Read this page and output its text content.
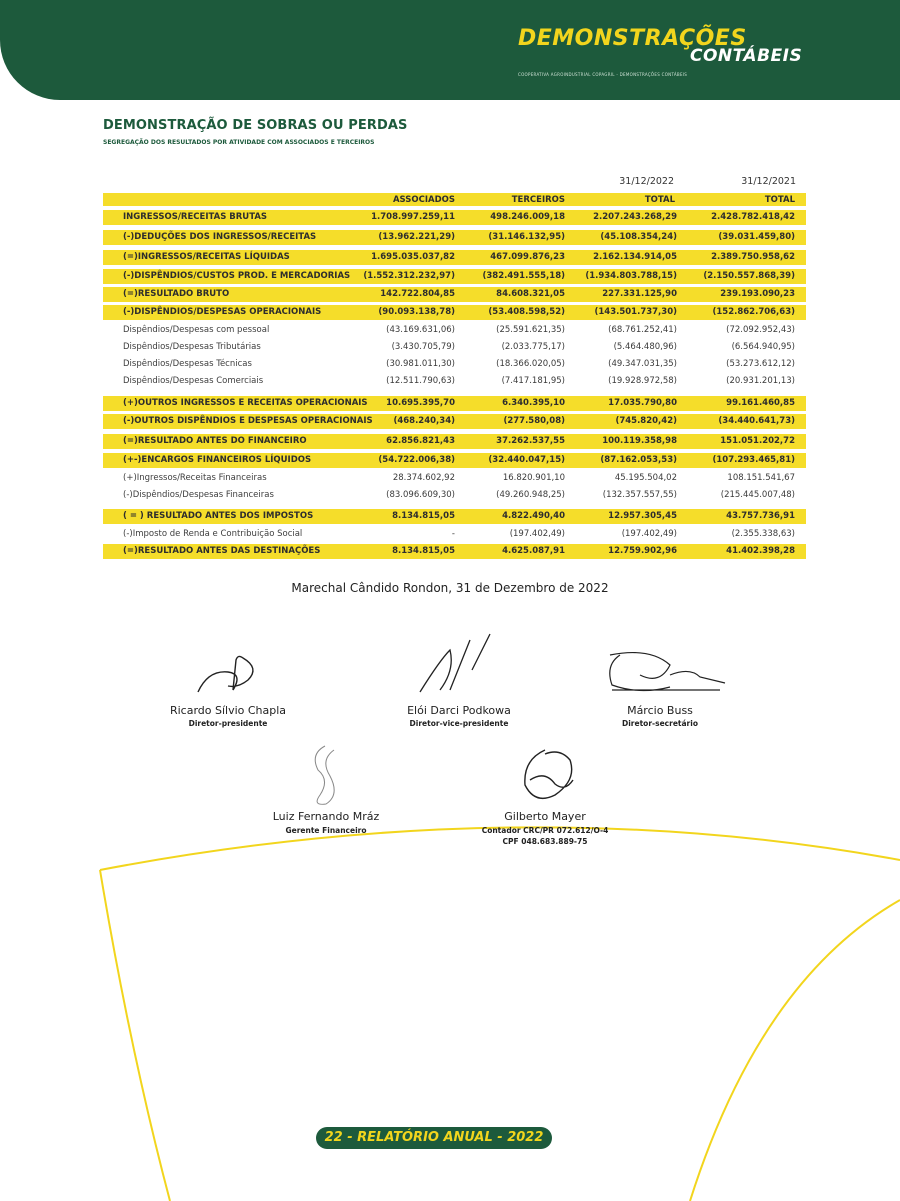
DEMONSTRAÇÕES
CONTÁBEIS
COOPERATIVA AGROINDUSTRIAL COPAGRIL - DEMONSTRAÇÕES CONTÁBEIS
DEMONSTRAÇÃO DE SOBRAS OU PERDAS
SEGREGAÇÃO DOS RESULTADOS POR ATIVIDADE COM ASSOCIADOS E TERCEIROS
31/12/2022	31/12/2021
ASSOCIADOS	TERCEIROS	TOTAL	TOTAL
INGRESSOS/RECEITAS BRUTAS	1.708.997.259,11	498.246.009,18	2.207.243.268,29	2.428.782.418,42
(-)DEDUÇÕES DOS INGRESSOS/RECEITAS	(13.962.221,29)	(31.146.132,95)	(45.108.354,24)	(39.031.459,80)
(=)INGRESSOS/RECEITAS LÍQUIDAS	1.695.035.037,82	467.099.876,23	2.162.134.914,05	2.389.750.958,62
(-)DISPÊNDIOS/CUSTOS PROD. E MERCADORIAS	(1.552.312.232,97)	(382.491.555,18)	(1.934.803.788,15)	(2.150.557.868,39)
(=)RESULTADO BRUTO	142.722.804,85	84.608.321,05	227.331.125,90	239.193.090,23
(-)DISPÊNDIOS/DESPESAS OPERACIONAIS	(90.093.138,78)	(53.408.598,52)	(143.501.737,30)	(152.862.706,63)
Dispêndios/Despesas com pessoal	(43.169.631,06)	(25.591.621,35)	(68.761.252,41)	(72.092.952,43)
Dispêndios/Despesas Tributárias	(3.430.705,79)	(2.033.775,17)	(5.464.480,96)	(6.564.940,95)
Dispêndios/Despesas Técnicas	(30.981.011,30)	(18.366.020,05)	(49.347.031,35)	(53.273.612,12)
Dispêndios/Despesas Comerciais	(12.511.790,63)	(7.417.181,95)	(19.928.972,58)	(20.931.201,13)
(+)OUTROS INGRESSOS E RECEITAS OPERACIONAIS	10.695.395,70	6.340.395,10	17.035.790,80	99.161.460,85
(-)OUTROS DISPÊNDIOS E DESPESAS OPERACIONAIS	(468.240,34)	(277.580,08)	(745.820,42)	(34.440.641,73)
(=)RESULTADO ANTES DO FINANCEIRO	62.856.821,43	37.262.537,55	100.119.358,98	151.051.202,72
(+-)ENCARGOS FINANCEIROS LÍQUIDOS	(54.722.006,38)	(32.440.047,15)	(87.162.053,53)	(107.293.465,81)
(+)Ingressos/Receitas Financeiras	28.374.602,92	16.820.901,10	45.195.504,02	108.151.541,67
(-)Dispêndios/Despesas Financeiras	(83.096.609,30)	(49.260.948,25)	(132.357.557,55)	(215.445.007,48)
( = ) RESULTADO ANTES DOS IMPOSTOS	8.134.815,05	4.822.490,40	12.957.305,45	43.757.736,91
(-)Imposto de Renda e Contribuição Social	-	(197.402,49)	(197.402,49)	(2.355.338,63)
(=)RESULTADO ANTES DAS DESTINAÇÕES	8.134.815,05	4.625.087,91	12.759.902,96	41.402.398,28
Marechal Cândido Rondon, 31 de Dezembro de 2022
Ricardo Sílvio Chapla
Diretor-presidente
Elói Darci Podkowa
Diretor-vice-presidente
Márcio Buss
Diretor-secretário
Luiz Fernando Mráz
Gerente Financeiro
Gilberto Mayer
Contador CRC/PR 072.612/O-4
CPF 048.683.889-75
22 - RELATÓRIO ANUAL - 2022
